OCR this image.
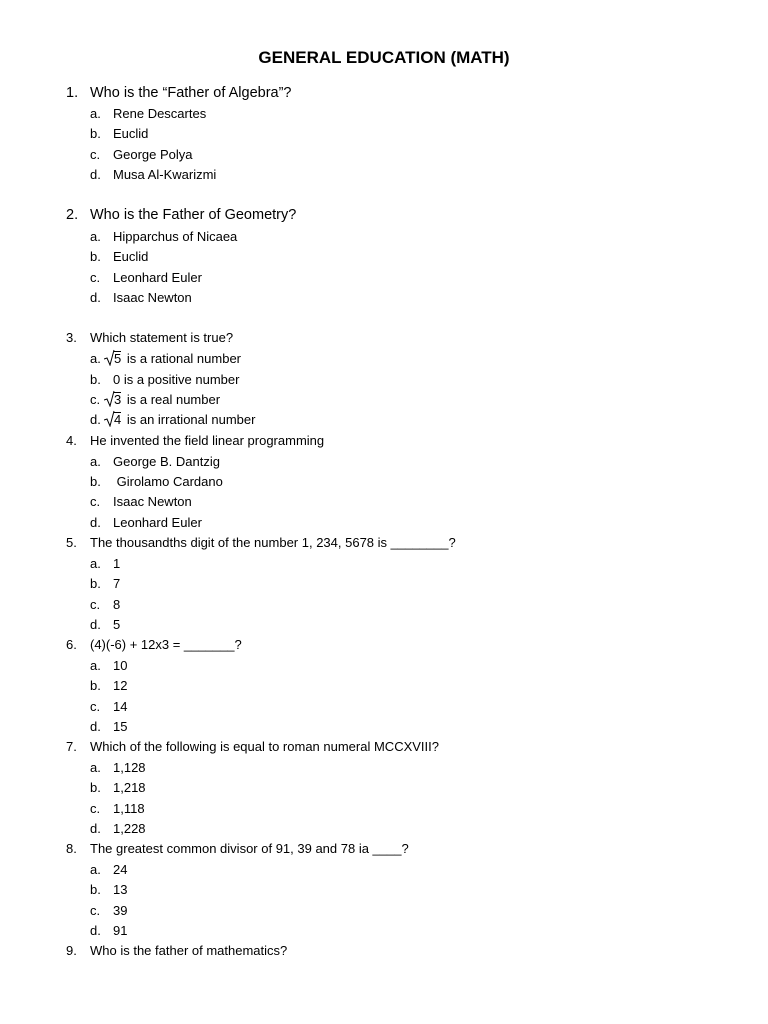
GENERAL EDUCATION (MATH)
1. Who is the “Father of Algebra”?
a. Rene Descartes
b. Euclid
c. George Polya
d. Musa Al-Kwarizmi
2. Who is the Father of Geometry?
a. Hipparchus of Nicaea
b. Euclid
c. Leonhard Euler
d. Isaac Newton
3. Which statement is true?
a.	5 is a rational number
b. 0 is a positive number
c.	3 is a real number
d.	4 is an irrational number
4. He invented the field linear programming
a. George B. Dantzig
b. Girolamo Cardano
c. Isaac Newton
d. Leonhard Euler
5. The thousandths digit of the number 1, 234, 5678 is ________?
a. 1
b. 7
c. 8
d. 5
6. (4)(-6) + 12x3 = _______?
a. 10
b. 12
c. 14
d. 15
7. Which of the following is equal to roman numeral MCCXVIII?
a. 1,128
b. 1,218
c. 1,118
d. 1,228
8. The greatest common divisor of 91, 39 and 78 ia ____?
a. 24
b. 13
c. 39
d. 91
9. Who is the father of mathematics?
